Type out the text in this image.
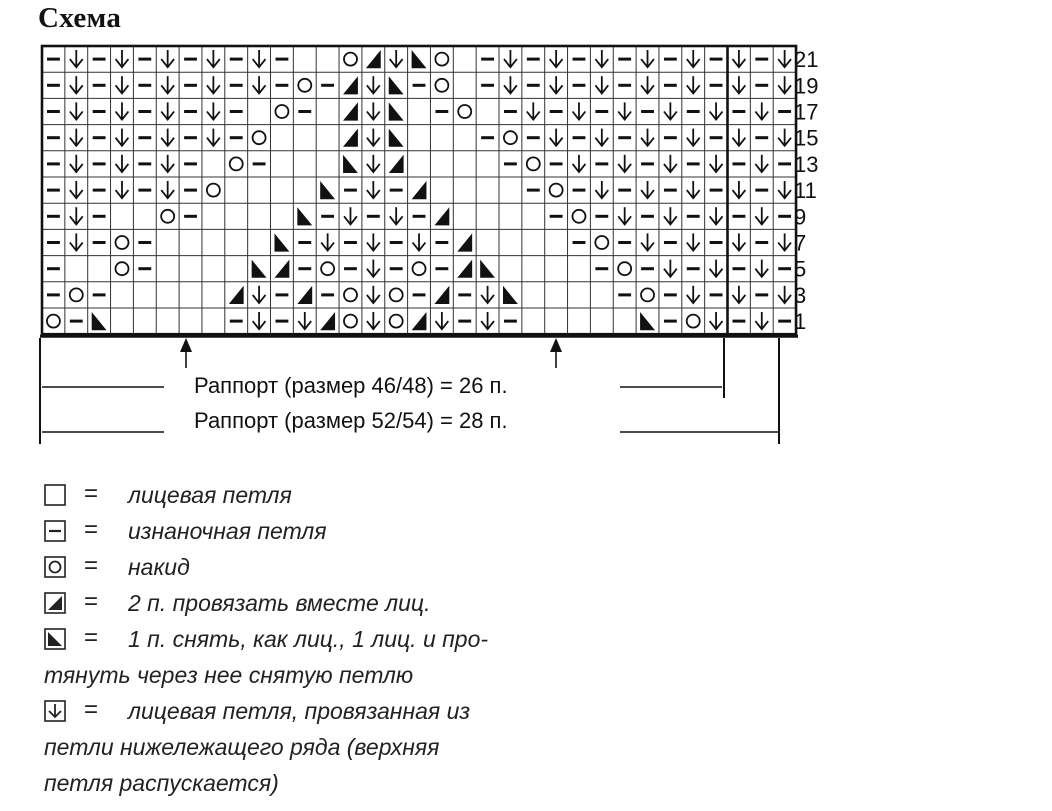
Схема
21
19
17
15
13
11
9
7
5
3
1
Раппорт (размер 46/48) = 26 п.
Раппорт (размер 52/54) = 28 п.
= лицевая петля
= изнаночная петля
= накид
= 2 п. провязать вместе лиц.
= 1 п. снять, как лиц., 1 лиц. и про-
тянуть через нее снятую петлю
= лицевая петля, провязанная из
петли нижележащего ряда (верхняя
петля распускается)
